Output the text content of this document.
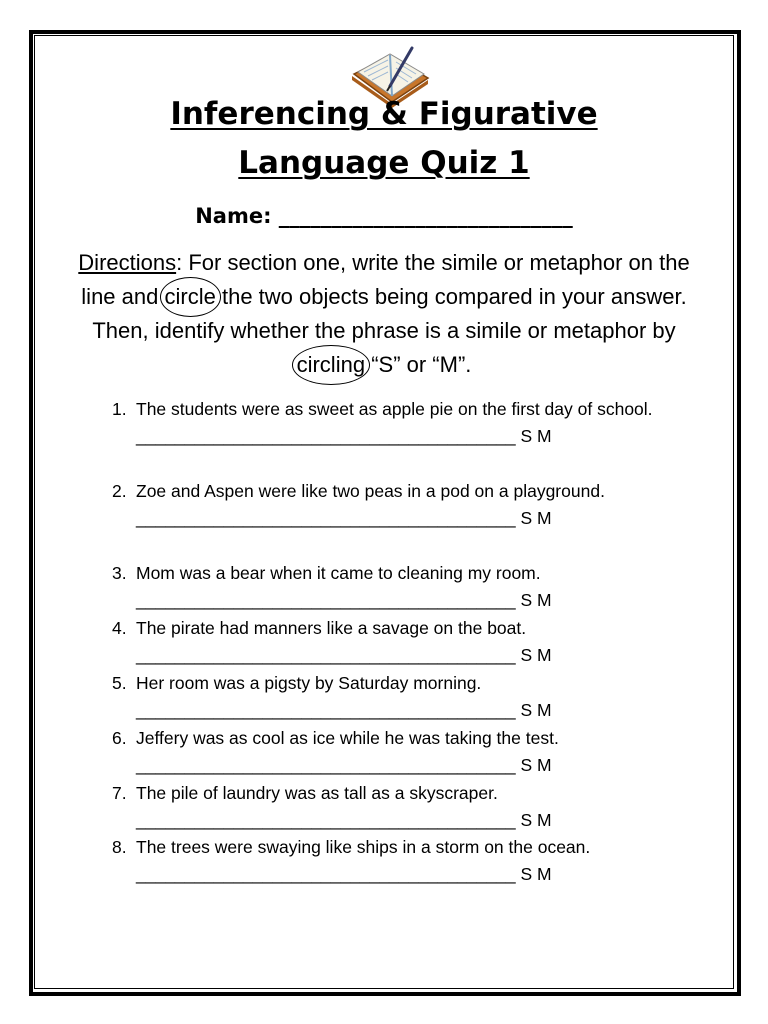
Inferencing & Figurative
Language Quiz 1
Name: ____________________________
Directions: For section one, write the simile or metaphor on the line and circle the two objects being compared in your answer. Then, identify whether the phrase is a simile or metaphor by circling “S” or “M”.
1. The students were as sweet as apple pie on the first day of school.
_______________________________________ S M
2. Zoe and Aspen were like two peas in a pod on a playground.
_______________________________________ S M
3. Mom was a bear when it came to cleaning my room.
_______________________________________ S M
4. The pirate had manners like a savage on the boat.
_______________________________________ S M
5. Her room was a pigsty by Saturday morning.
_______________________________________ S M
6. Jeffery was as cool as ice while he was taking the test.
_______________________________________ S M
7. The pile of laundry was as tall as a skyscraper.
_______________________________________ S M
8. The trees were swaying like ships in a storm on the ocean.
_______________________________________ S M
